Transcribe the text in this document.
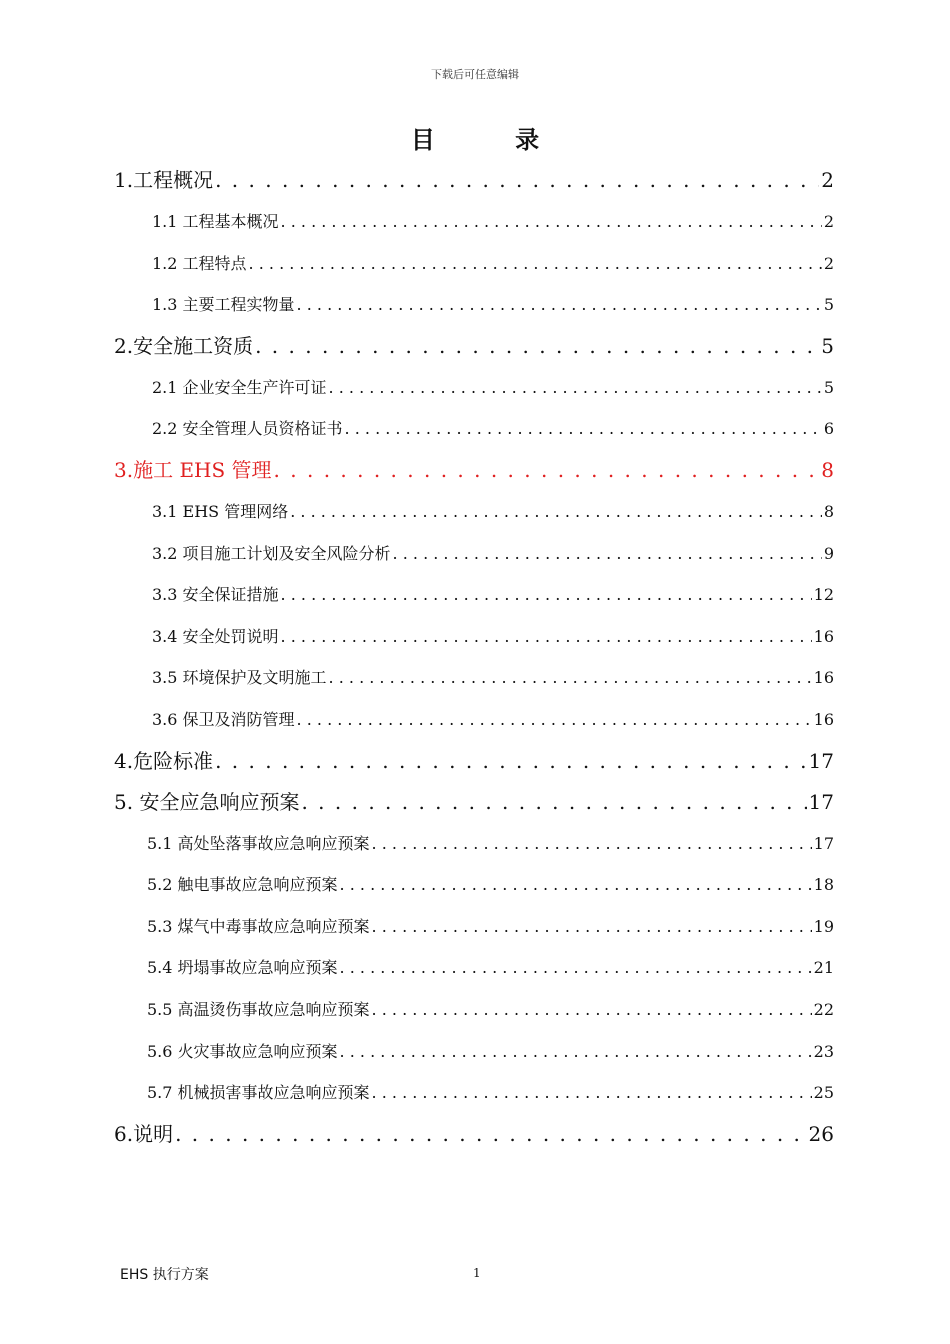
下载后可任意编辑
目 录
1.工程概况 . . .	2
1.1 工程基本概况 . . .	2
1.2 工程特点 . . .	2
1.3 主要工程实物量 . . .	5
2.安全施工资质 . . .	5
2.1 企业安全生产许可证 . . .	5
2.2 安全管理人员资格证书 . . .	6
3.施工 EHS 管理 . . .	8
3.1 EHS 管理网络 . . .	8
3.2 项目施工计划及安全风险分析 . . .	9
3.3 安全保证措施 . . .	12
3.4 安全处罚说明 . . .	16
3.5 环境保护及文明施工 . . .	16
3.6 保卫及消防管理 . . .	16
4.危险标准 . . .	17
5. 安全应急响应预案 . . .	17
5.1 高处坠落事故应急响应预案 . . .	17
5.2 触电事故应急响应预案 . . .	18
5.3 煤气中毒事故应急响应预案 . . .	19
5.4 坍塌事故应急响应预案 . . .	21
5.5 高温烫伤事故应急响应预案 . . .	22
5.6 火灾事故应急响应预案 . . .	23
5.7 机械损害事故应急响应预案 . . .	25
6.说明 . . .	26
EHS 执行方案	1
